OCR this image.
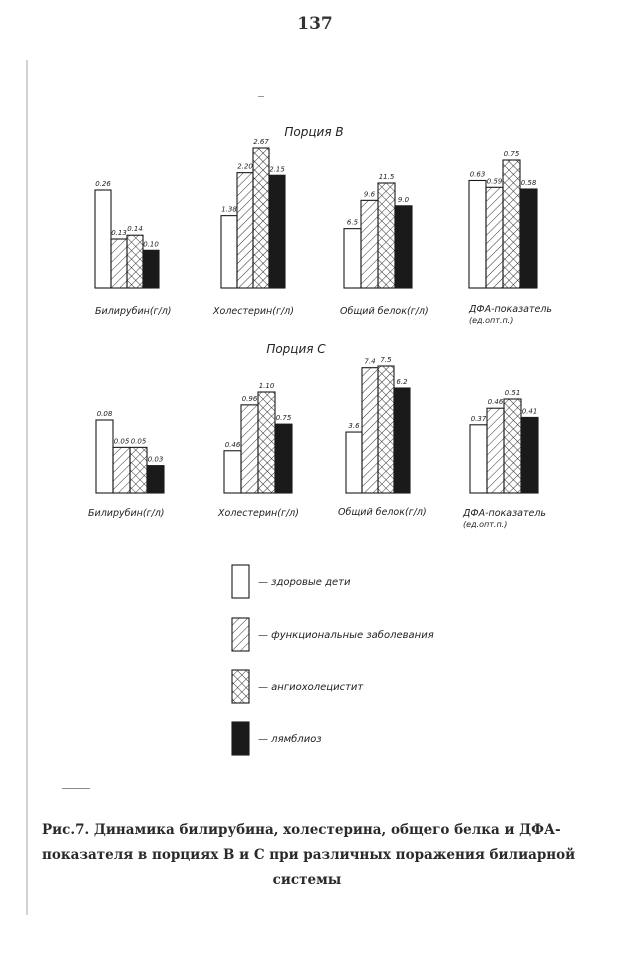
137
Порция В
Порция С
0.26
0.13 0.14
0.10
Билирубин(г/л)
1.38
2.20
2.67
2.15
Холестерин(г/л)
6.5
9.6
11.5
9.0
Общий белок(г/л)
0.63
0.59
0.75
0.58
ДФА-показатель
(ед.опт.п.)
0.08
0.05 0.05
0.03
Билирубин(г/л)
0.46
0.96
1.10
0.75
Холестерин(г/л)
3.6
7.4 7.5
6.2
Общий белок(г/л)
0.37
0.46
0.51
0.41
ДФА-показатель
(ед.опт.п.)
— здоровые дети
— функциональные заболевания
— ангиохолецистит
— лямблиоз
Рис.7. Динамика билирубина, холестерина, общего белка и ДФА-
показателя в порциях В и С при различных поражения билиарной
системы
